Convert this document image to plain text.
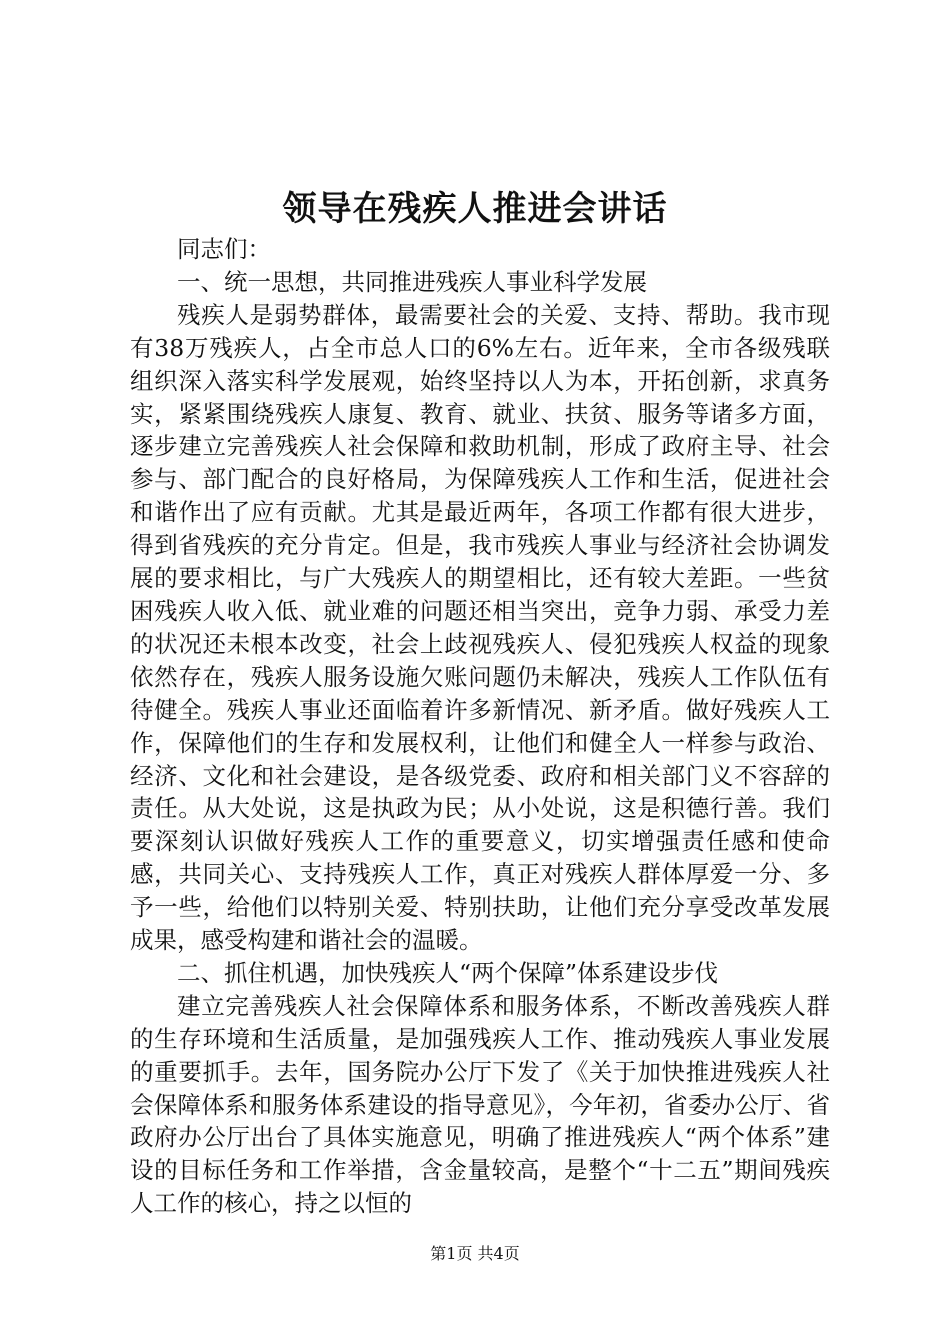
领导在残疾人推进会讲话

同志们：

一、统一思想，共同推进残疾人事业科学发展

残疾人是弱势群体，最需要社会的关爱、支持、帮助。我市现有38万残疾人，占全市总人口的6%左右。近年来，全市各级残联组织深入落实科学发展观，始终坚持以人为本，开拓创新，求真务实，紧紧围绕残疾人康复、教育、就业、扶贫、服务等诸多方面，逐步建立完善残疾人社会保障和救助机制，形成了政府主导、社会参与、部门配合的良好格局，为保障残疾人工作和生活，促进社会和谐作出了应有贡献。尤其是最近两年，各项工作都有很大进步，得到省残疾的充分肯定。但是，我市残疾人事业与经济社会协调发展的要求相比，与广大残疾人的期望相比，还有较大差距。一些贫困残疾人收入低、就业难的问题还相当突出，竞争力弱、承受力差的状况还未根本改变，社会上歧视残疾人、侵犯残疾人权益的现象依然存在，残疾人服务设施欠账问题仍未解决，残疾人工作队伍有待健全。残疾人事业还面临着许多新情况、新矛盾。做好残疾人工作，保障他们的生存和发展权利，让他们和健全人一样参与政治、经济、文化和社会建设，是各级党委、政府和相关部门义不容辞的责任。从大处说，这是执政为民；从小处说，这是积德行善。我们要深刻认识做好残疾人工作的重要意义，切实增强责任感和使命感，共同关心、支持残疾人工作，真正对残疾人群体厚爱一分、多予一些，给他们以特别关爱、特别扶助，让他们充分享受改革发展成果，感受构建和谐社会的温暖。

二、抓住机遇，加快残疾人“两个保障”体系建设步伐

建立完善残疾人社会保障体系和服务体系，不断改善残疾人群的生存环境和生活质量，是加强残疾人工作、推动残疾人事业发展的重要抓手。去年，国务院办公厅下发了《关于加快推进残疾人社会保障体系和服务体系建设的指导意见》，今年初，省委办公厅、省政府办公厅出台了具体实施意见，明确了推进残疾人“两个体系”建设的目标任务和工作举措，含金量较高，是整个“十二五”期间残疾人工作的核心，持之以恒的

第1页 共4页
